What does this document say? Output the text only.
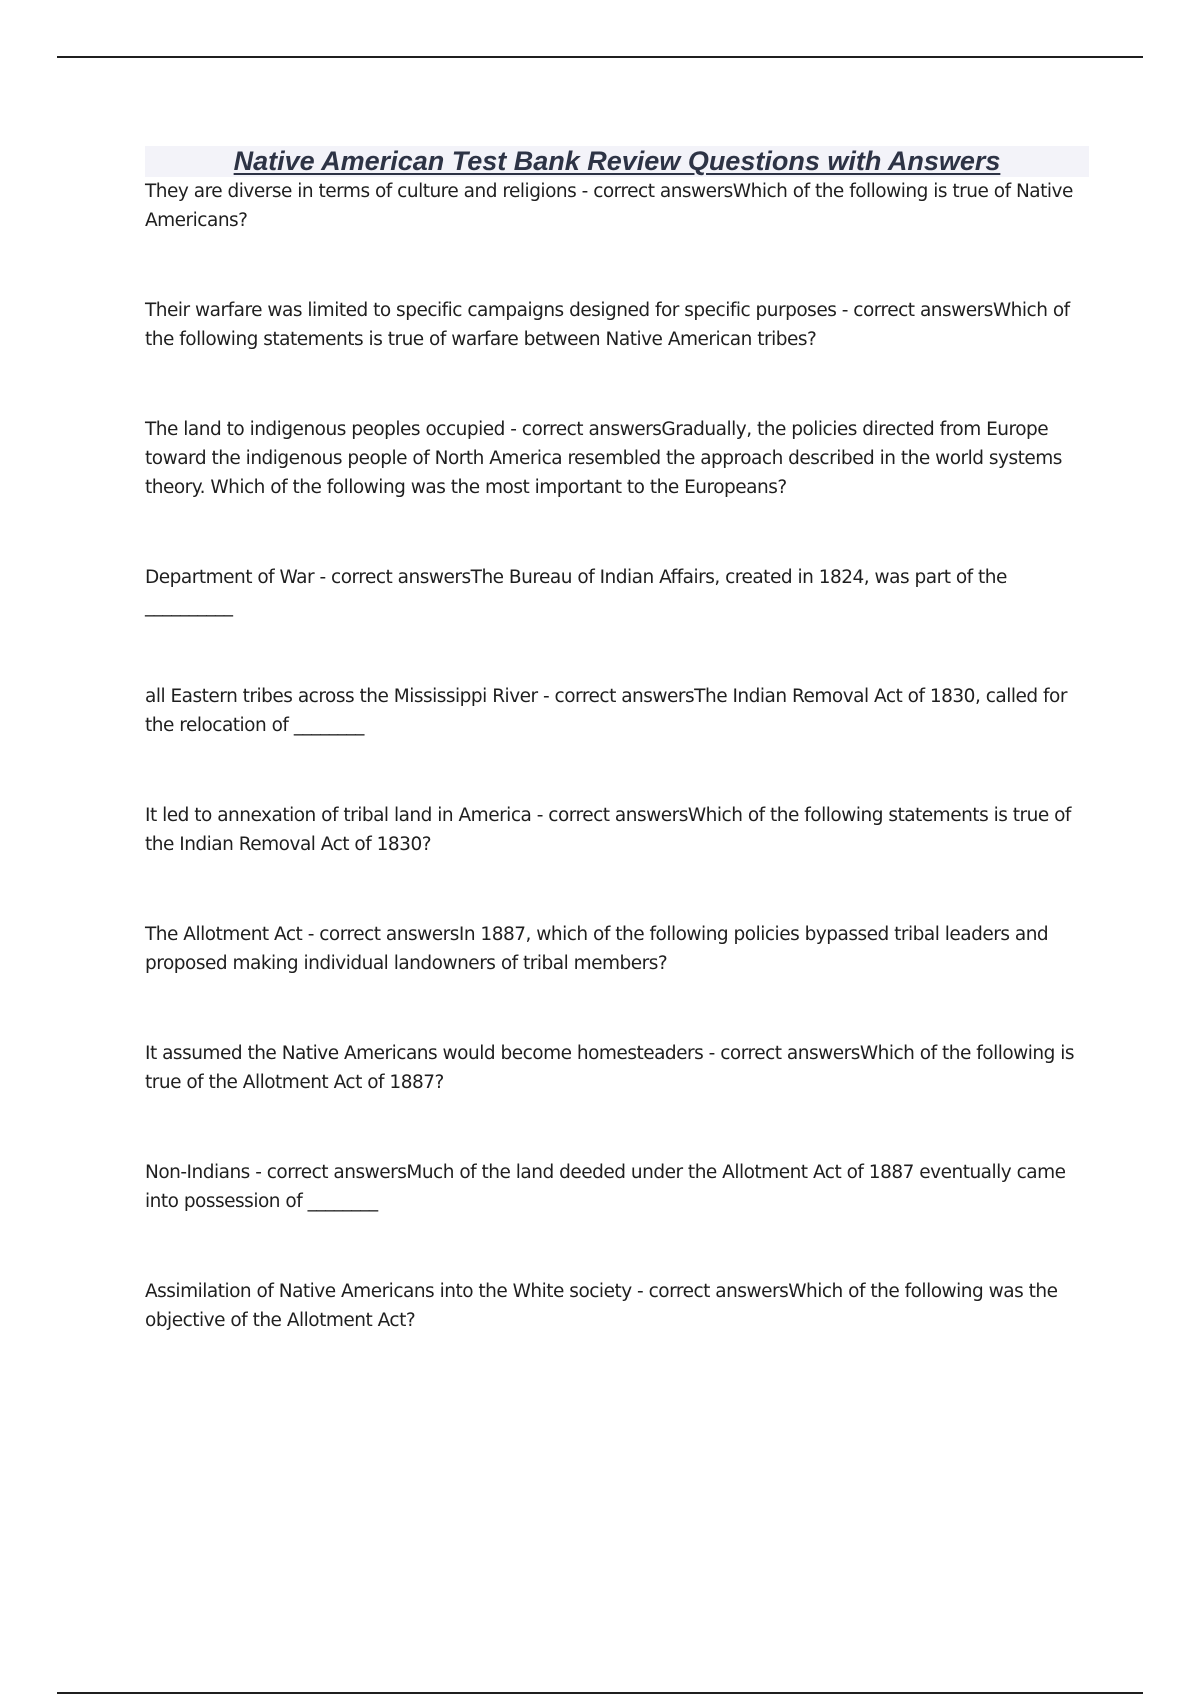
Native American Test Bank Review Questions with Answers
They are diverse in terms of culture and religions - correct answersWhich of the following is true of Native Americans?
Their warfare was limited to specific campaigns designed for specific purposes - correct answersWhich of the following statements is true of warfare between Native American tribes?
The land to indigenous peoples occupied - correct answersGradually, the policies directed from Europe toward the indigenous people of North America resembled the approach described in the world systems theory. Which of the following was the most important to the Europeans?
Department of War - correct answersThe Bureau of Indian Affairs, created in 1824, was part of the __________
all Eastern tribes across the Mississippi River - correct answersThe Indian Removal Act of 1830, called for the relocation of ________
It led to annexation of tribal land in America - correct answersWhich of the following statements is true of the Indian Removal Act of 1830?
The Allotment Act - correct answersIn 1887, which of the following policies bypassed tribal leaders and proposed making individual landowners of tribal members?
It assumed the Native Americans would become homesteaders - correct answersWhich of the following is true of the Allotment Act of 1887?
Non-Indians - correct answersMuch of the land deeded under the Allotment Act of 1887 eventually came into possession of ________
Assimilation of Native Americans into the White society - correct answersWhich of the following was the objective of the Allotment Act?
